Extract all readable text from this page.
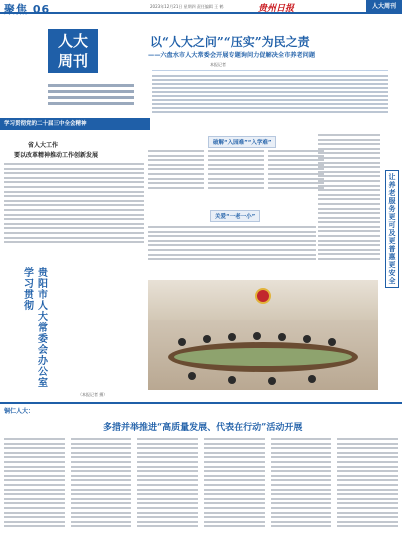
聚焦 06	2023年12月21日 星期四 责任编辑 王 鹤	贵州日报	人大周刊
人大
周刊
以“人大之问”“压实”为民之责
——六盘水市人大常委会开展专题询问力促解决全市养老问题
本报记者
学习贯彻党的二十届三中全会精神
省人大工作
要以改革精神推动工作创新发展
贵阳市人大常委会办公室
学习贯彻
破解“入园难”“入学难”
关爱“一老一小”
让养老服务更可及更普惠更安全
（本报记者 摄）
铜仁人大：
多措并举推进“高质量发展、代表在行动”活动开展
